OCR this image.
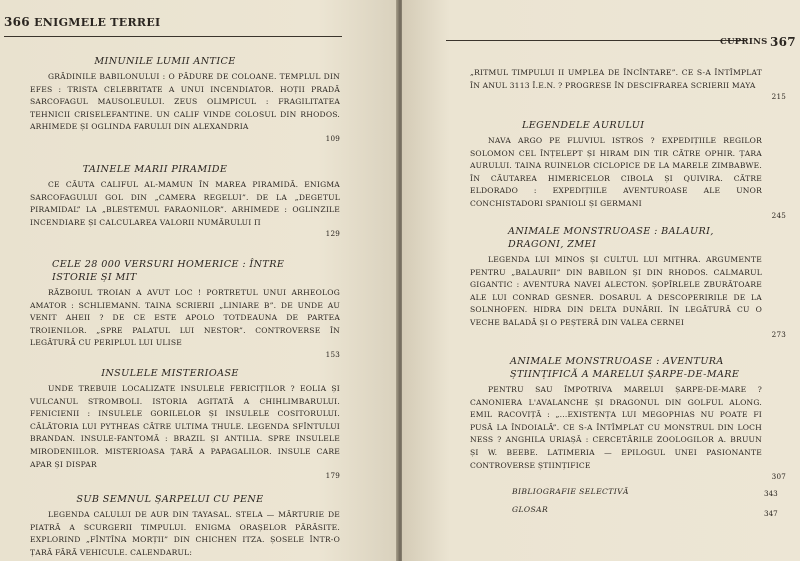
366 ENIGMELE TERREI
MINUNILE LUMII ANTICE
GRĂDINILE BABILONULUI : O PĂDURE DE COLOANE. TEMPLUL DIN EFES : TRISTA CELEBRITATE A UNUI INCENDIATOR. HOȚII PRADĂ SARCOFAGUL MAUSOLEULUI. ZEUS OLIMPICUL : FRAGILITATEA TEHNICII CRISELEFANTINE. UN CALIF VINDE COLOSUL DIN RHODOS. ARHIMEDE ȘI OGLINDA FARULUI DIN ALEXANDRIA
109
TAINELE MARII PIRAMIDE
CE CĂUTA CALIFUL AL-MAMUN ÎN MAREA PIRAMIDĂ. ENIGMA SARCOFAGULUI GOL DIN „CAMERA REGELUI”. DE LA „DEGETUL PIRAMIDAL” LA „BLESTEMUL FARAONILOR”. ARHIMEDE : OGLINZILE INCENDIARE ȘI CALCULAREA VALORII NUMĂRULUI Π
129
CELE 28 000 VERSURI HOMERICE : ÎNTRE ISTORIE ȘI MIT
RĂZBOIUL TROIAN A AVUT LOC ! PORTRETUL UNUI ARHEOLOG AMATOR : SCHLIEMANN. TAINA SCRIERII „LINIARE B”. DE UNDE AU VENIT AHEII ? DE CE ESTE APOLO TOTDEAUNA DE PARTEA TROIENILOR. „SPRE PALATUL LUI NESTOR”. CONTROVERSE ÎN LEGĂTURĂ CU PERIPLUL LUI ULISE
153
INSULELE MISTERIOASE
UNDE TREBUIE LOCALIZATE INSULELE FERICIȚILOR ? EOLIA ȘI VULCANUL STROMBOLI. ISTORIA AGITATĂ A CHIHLIMBARULUI. FENICIENII : INSULELE GORILELOR ȘI INSULELE COSITORULUI. CĂLĂTORIA LUI PYTHEAS CĂTRE ULTIMA THULE. LEGENDA SFÎNTULUI BRANDAN. INSULE-FANTOMĂ : BRAZIL ȘI ANTILIA. SPRE INSULELE MIRODENIILOR. MISTERIOASA ȚARĂ A PAPAGALILOR. INSULE CARE APAR ȘI DISPAR
179
SUB SEMNUL ȘARPELUI CU PENE
LEGENDA CALULUI DE AUR DIN TAYASAL. STELA — MĂRTURIE DE PIATRĂ A SCURGERII TIMPULUI. ENIGMA ORAȘELOR PĂRĂSITE. EXPLORIND „FÎNTÎNA MORȚII” DIN CHICHEN ITZA. ȘOSELE ÎNTR-O ȚARĂ FĂRĂ VEHICULE. CALENDARUL:
CUPRINS 367
„RITMUL TIMPULUI II UMPLEA DE ÎNCÎNTARE”. CE S-A ÎNTÎMPLAT ÎN ANUL 3113 Î.E.N. ? PROGRESE ÎN DESCIFRAREA SCRIERII MAYA
215
LEGENDELE AURULUI
NAVA ARGO PE FLUVIUL ISTROS ? EXPEDIȚIILE REGILOR SOLOMON CEL ÎNȚELEPT ȘI HIRAM DIN TIR CĂTRE OPHIR. ȚARA AURULUI. TAINA RUINELOR CICLOPICE DE LA MARELE ZIMBABWE. ÎN CĂUTAREA HIMERICELOR CIBOLA ȘI QUIVIRA. CĂTRE ELDORADO : EXPEDIȚIILE AVENTUROASE ALE UNOR CONCHISTADORI SPANIOLI ȘI GERMANI
245
ANIMALE MONSTRUOASE : BALAURI, DRAGONI, ZMEI
LEGENDA LUI MINOS ȘI CULTUL LUI MITHRA. ARGUMENTE PENTRU „BALAURII” DIN BABILON ȘI DIN RHODOS. CALMARUL GIGANTIC : AVENTURA NAVEI ALECTON. ȘOPÎRLELE ZBURĂTOARE ALE LUI CONRAD GESNER. DOSARUL A DESCOPERIRILE DE LA SOLNHOFEN. HIDRA DIN DELTA DUNĂRII. ÎN LEGĂTURĂ CU O VECHE BALADĂ ȘI O PEȘTERĂ DIN VALEA CERNEI
273
ANIMALE MONSTRUOASE : AVENTURA ȘTIINȚIFICĂ A MARELUI ȘARPE-DE-MARE
PENTRU SAU ÎMPOTRIVA MARELUI ȘARPE-DE-MARE ? CANONIERA L'AVALANCHE ȘI DRAGONUL DIN GOLFUL ALONG. EMIL RACOVIȚĂ : „...EXISTENȚA LUI MEGOPHIAS NU POATE FI PUSĂ LA ÎNDOIALĂ”. CE S-A ÎNTÎMPLAT CU MONSTRUL DIN LOCH NESS ? ANGHILA URIAȘĂ : CERCETĂRILE ZOOLOGILOR A. BRUUN ȘI W. BEEBE. LATIMERIA — EPILOGUL UNEI PASIONANTE CONTROVERSE ȘTIINȚIFICE
307
BIBLIOGRAFIE SELECTIVĂ	343
GLOSAR	347
